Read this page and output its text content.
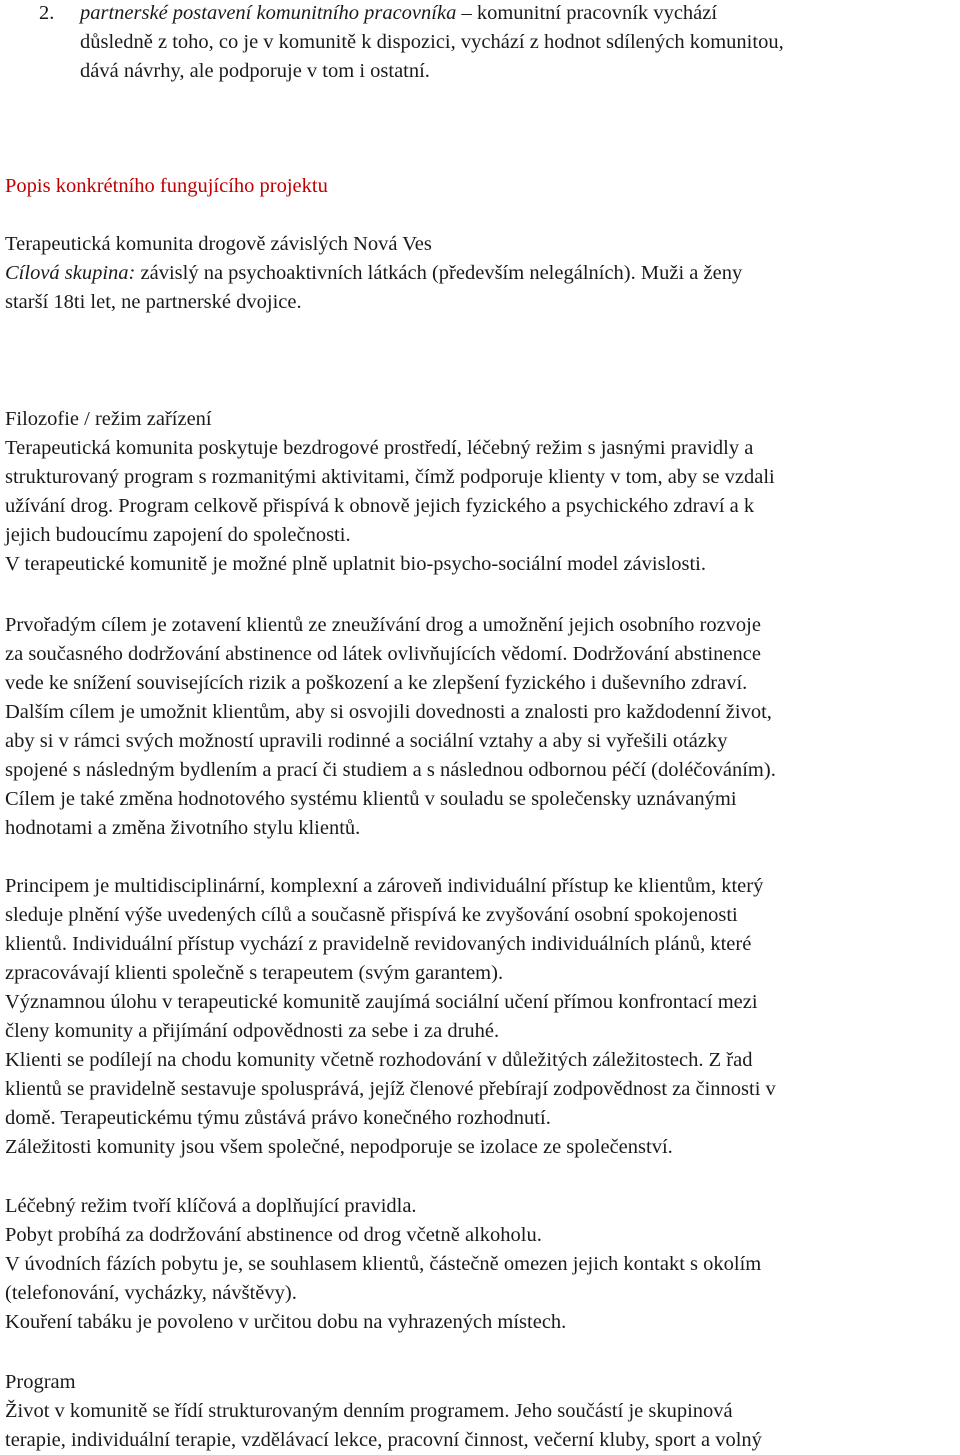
2.	partnerské postavení komunitního pracovníka – komunitní pracovník vychází
důsledně z toho, co je v komunitě k dispozici, vychází z hodnot sdílených komunitou,
dává návrhy, ale podporuje v tom i ostatní.
Popis konkrétního fungujícího projektu
Terapeutická komunita drogově závislých Nová Ves
Cílová skupina: závislý na psychoaktivních látkách (především nelegálních). Muži a ženy
starší 18ti let, ne partnerské dvojice.
Filozofie / režim zařízení
Terapeutická komunita poskytuje bezdrogové prostředí, léčebný režim s jasnými pravidly a
strukturovaný program s rozmanitými aktivitami, čímž podporuje klienty v tom, aby se vzdali
užívání drog. Program celkově přispívá k obnově jejich fyzického a psychického zdraví a k
jejich budoucímu zapojení do společnosti.
V terapeutické komunitě je možné plně uplatnit bio-psycho-sociální model závislosti.
Prvořadým cílem je zotavení klientů ze zneužívání drog a umožnění jejich osobního rozvoje
za současného dodržování abstinence od látek ovlivňujících vědomí. Dodržování abstinence
vede ke snížení souvisejících rizik a poškození a ke zlepšení fyzického i duševního zdraví.
Dalším cílem je umožnit klientům, aby si osvojili dovednosti a znalosti pro každodenní život,
aby si v rámci svých možností upravili rodinné a sociální vztahy a aby si vyřešili otázky
spojené s následným bydlením a prací či studiem a s následnou odbornou péčí (doléčováním).
Cílem je také změna hodnotového systému klientů v souladu se společensky uznávanými
hodnotami a změna životního stylu klientů.
Principem je multidisciplinární, komplexní a zároveň individuální přístup ke klientům, který
sleduje plnění výše uvedených cílů a současně přispívá ke zvyšování osobní spokojenosti
klientů. Individuální přístup vychází z pravidelně revidovaných individuálních plánů, které
zpracovávají klienti společně s terapeutem (svým garantem).
Významnou úlohu v terapeutické komunitě zaujímá sociální učení přímou konfrontací mezi
členy komunity a přijímání odpovědnosti za sebe i za druhé.
Klienti se podílejí na chodu komunity včetně rozhodování v důležitých záležitostech. Z řad
klientů se pravidelně sestavuje spolusprává, jejíž členové přebírají zodpovědnost za činnosti v
domě. Terapeutickému týmu zůstává právo konečného rozhodnutí.
Záležitosti komunity jsou všem společné, nepodporuje se izolace ze společenství.
Léčebný režim tvoří klíčová a doplňující pravidla.
Pobyt probíhá za dodržování abstinence od drog včetně alkoholu.
V úvodních fázích pobytu je, se souhlasem klientů, částečně omezen jejich kontakt s okolím
(telefonování, vycházky, návštěvy).
Kouření tabáku je povoleno v určitou dobu na vyhrazených místech.
Program
Život v komunitě se řídí strukturovaným denním programem. Jeho součástí je skupinová
terapie, individuální terapie, vzdělávací lekce, pracovní činnost, večerní kluby, sport a volný
